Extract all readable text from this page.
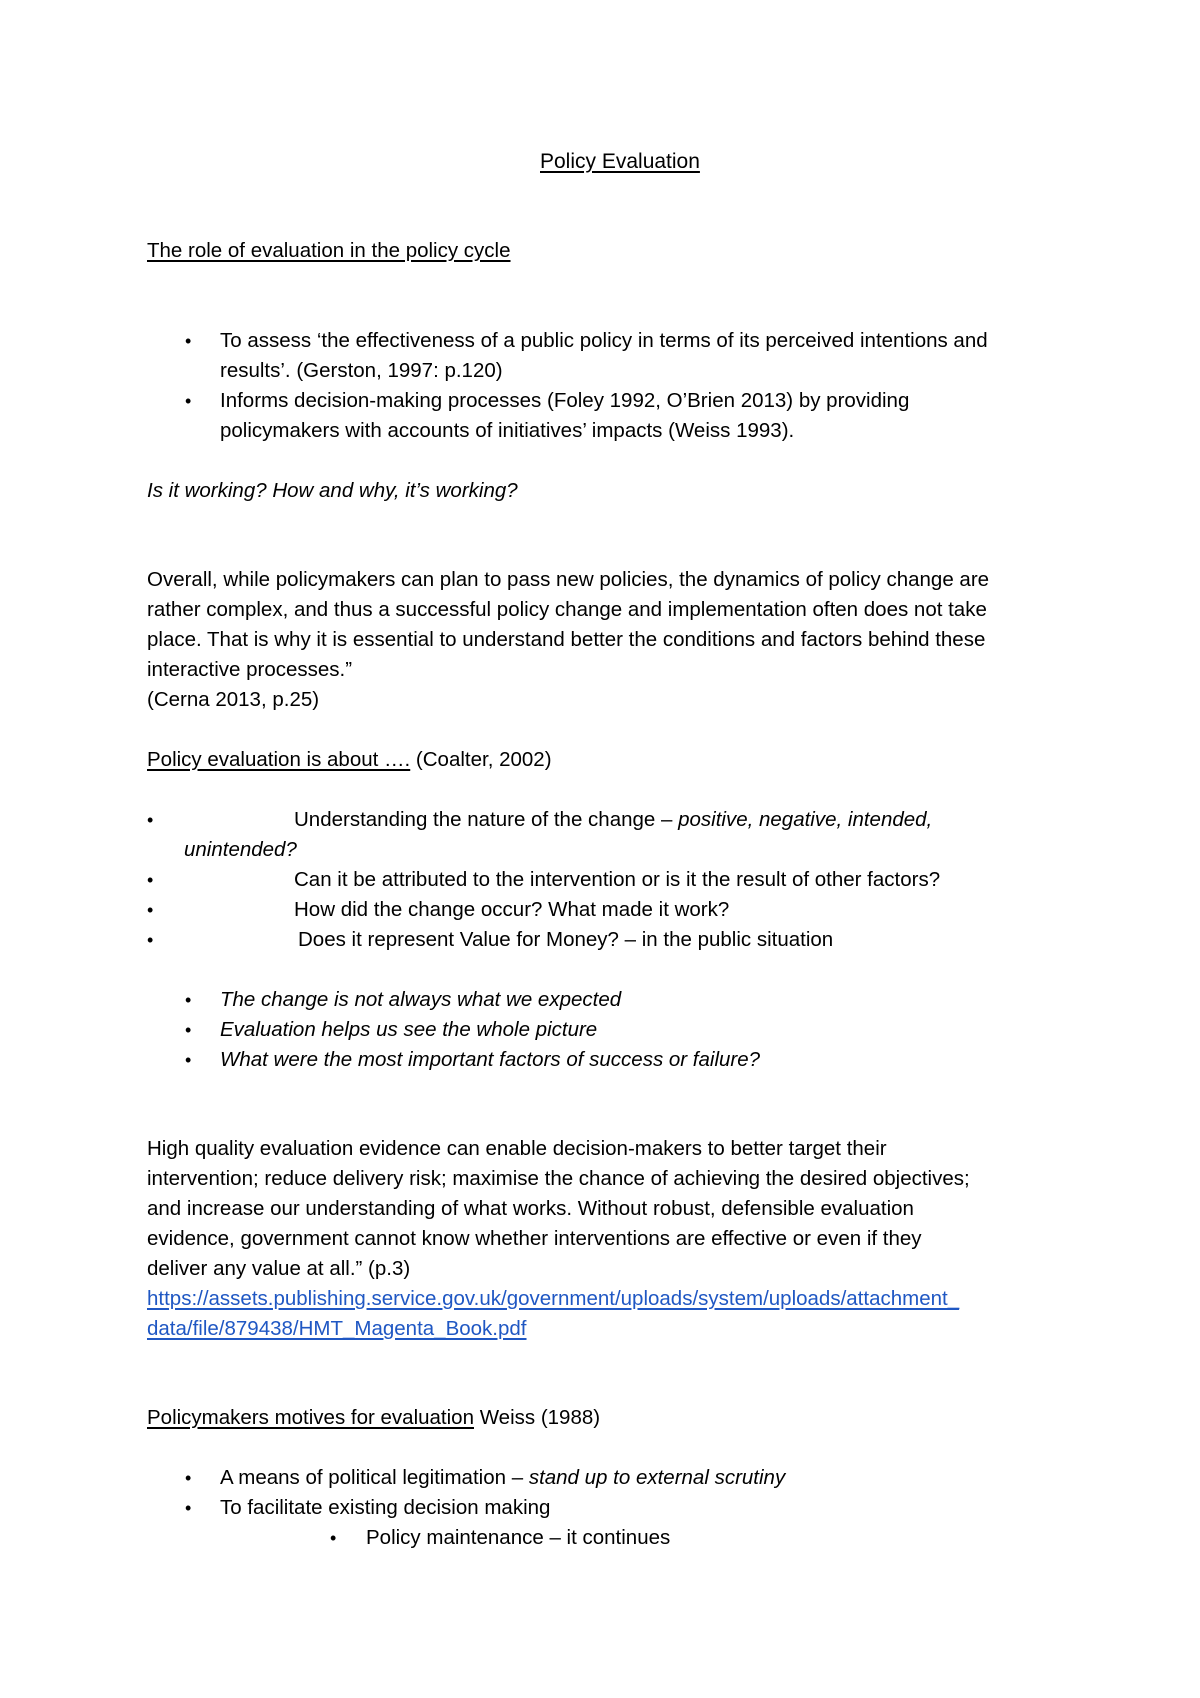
Policy Evaluation
The role of evaluation in the policy cycle
• To assess ‘the effectiveness of a public policy in terms of its perceived intentions and
results’. (Gerston, 1997: p.120)
• Informs decision-making processes (Foley 1992, O’Brien 2013) by providing
policymakers with accounts of initiatives’ impacts (Weiss 1993).
Is it working? How and why, it’s working?
Overall, while policymakers can plan to pass new policies, the dynamics of policy change are
rather complex, and thus a successful policy change and implementation often does not take
place. That is why it is essential to understand better the conditions and factors behind these
interactive processes.”
(Cerna 2013, p.25)
Policy evaluation is about …. (Coalter, 2002)
•	Understanding the nature of the change – positive, negative, intended,
unintended?
•	Can it be attributed to the intervention or is it the result of other factors?
•	How did the change occur? What made it work?
•	Does it represent Value for Money? – in the public situation
• The change is not always what we expected
• Evaluation helps us see the whole picture
• What were the most important factors of success or failure?
High quality evaluation evidence can enable decision-makers to better target their
intervention; reduce delivery risk; maximise the chance of achieving the desired objectives;
and increase our understanding of what works. Without robust, defensible evaluation
evidence, government cannot know whether interventions are effective or even if they
deliver any value at all.” (p.3)
https://assets.publishing.service.gov.uk/government/uploads/system/uploads/attachment_
data/file/879438/HMT_Magenta_Book.pdf
Policymakers motives for evaluation Weiss (1988)
• A means of political legitimation – stand up to external scrutiny
• To facilitate existing decision making
• Policy maintenance – it continues
